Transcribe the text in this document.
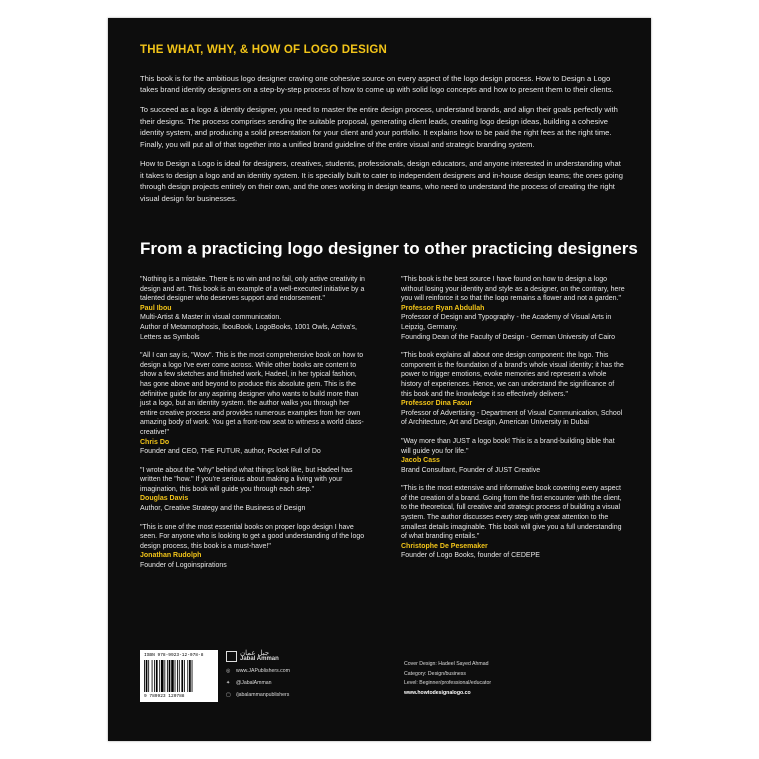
THE WHAT, WHY, & HOW OF LOGO DESIGN

This book is for the ambitious logo designer craving one cohesive source on every aspect of the logo design process. How to Design a Logo takes brand identity designers on a step-by-step process of how to come up with solid logo concepts and how to present them to their clients.

To succeed as a logo & identity designer, you need to master the entire design process, understand brands, and align their goals perfectly with their designs. The process comprises sending the suitable proposal, generating client leads, creating logo design ideas, building a cohesive identity system, and producing a solid presentation for your client and your portfolio. It explains how to be paid the right fees at the right time. Finally, you will put all of that together into a unified brand guideline of the entire visual and strategic branding system.

How to Design a Logo is ideal for designers, creatives, students, professionals, design educators, and anyone interested in understanding what it takes to design a logo and an identity system. It is specially built to cater to independent designers and in-house design teams; the ones going through design projects entirely on their own, and the ones working in design teams, who need to understand the process of creating the right visual design for businesses.

From a practicing logo designer to other practicing designers
"Nothing is a mistake. There is no win and no fail, only active creativity in design and art. This book is an example of a well-executed initiative by a talented designer who deserves support and endorsement."
Paul Ibou
Multi-Artist & Master in visual communication.
Author of Metamorphosis, IbouBook, LogoBooks, 1001 Owls, Activa's, Letters as Symbols
"All I can say is, "Wow". This is the most comprehensive book on how to design a logo I've ever come across. While other books are content to show a few sketches and finished work, Hadeel, in her typical fashion, has gone above and beyond to produce this absolute gem. This is the definitive guide for any aspiring designer who wants to build more than just a logo, but an identity system. the author walks you through her entire creative process and provides numerous examples from her own amazing body of work. You get a front-row seat to witness a world class-creative!"
Chris Do
Founder and CEO, THE FUTUR, author, Pocket Full of Do
"I wrote about the "why" behind what things look like, but Hadeel has written the "how." If you're serious about making a living with your imagination, this book will guide you through each step."
Douglas Davis
Author, Creative Strategy and the Business of Design
"This is one of the most essential books on proper logo design I have seen. For anyone who is looking to get a good understanding of the logo design process, this book is a must-have!"
Jonathan Rudolph
Founder of Logoinspirations
"This book is the best source I have found on how to design a logo without losing your identity and style as a designer, on the contrary, here you will reinforce it so that the logo remains a flower and not a garden."
Professor Ryan Abdullah
Professor of Design and Typography - the Academy of Visual Arts in Leipzig, Germany.
Founding Dean of the Faculty of Design - German University of Cairo
"This book explains all about one design component: the logo. This component is the foundation of a brand's whole visual identity; it has the power to trigger emotions, evoke memories and represent a whole history of experiences. Hence, we can understand the significance of this book and the knowledge it so effectively delivers."
Professor Dina Faour
Professor of Advertising - Department of Visual Communication, School of Architecture, Art and Design, American University in Dubai
"Way more than JUST a logo book! This is a brand-building bible that will guide you for life."
Jacob Cass
Brand Consultant, Founder of JUST Creative
"This is the most extensive and informative book covering every aspect of the creation of a brand. Going from the first encounter with the client, to the theoretical, full creative and strategic process of building a visual system. The author discusses every step with great attention to the smallest details imaginable. This book will give you a full understanding of what branding entails."
Christophe De Pesemaker
Founder of Logo Books, founder of CEDEPE
ISBN 978-9923-12-078-8
9 789923 120788
جبل عمان
Jabal Amman
◎ www.JAPublishers.com
✦ @JabalAmman
▢ /jabalammanpublishers
Cover Design: Hadeel Sayed Ahmad
Category: Design/business
Level: Beginner/professional/educator
www.howtodesignalogo.co
